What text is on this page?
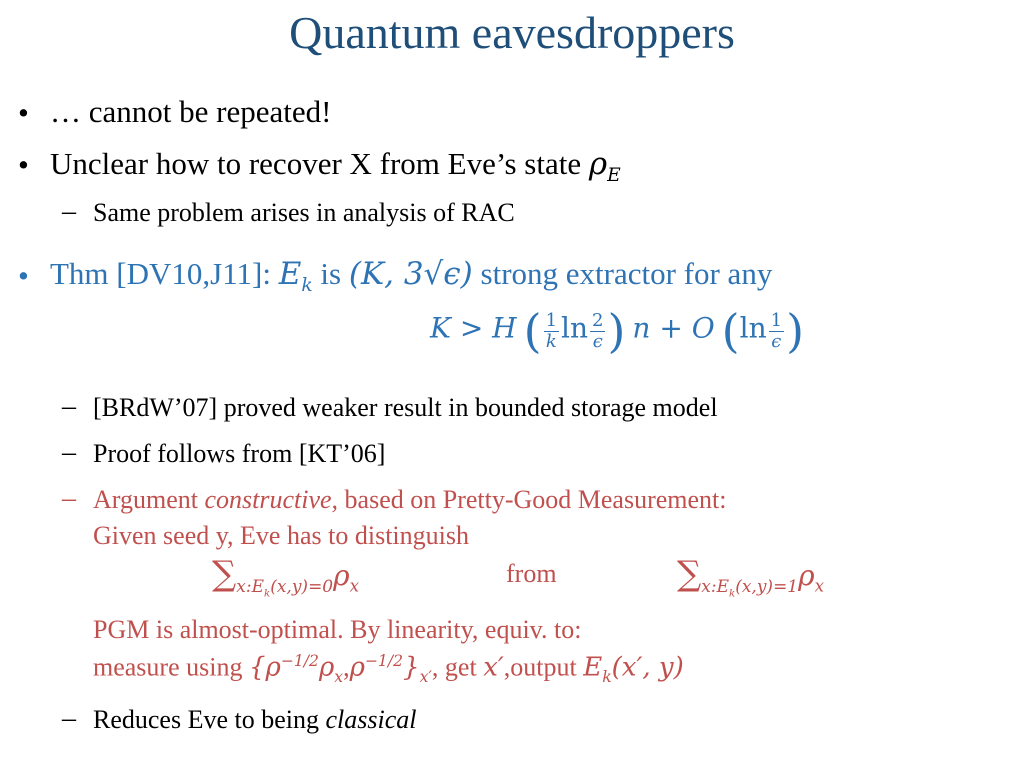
Quantum eavesdroppers
• … cannot be repeated!
• Unclear how to recover X from Eve’s state $\rho_E$
– Same problem arises in analysis of RAC
• Thm [DV10,J11]: $E_k$ is (K, 3√ϵ) strong extractor for any
K > H ( $\frac{1}{k}$ $\ln \frac{2}{\epsilon}$ ) n + O ($\ln \frac{1}{\epsilon}$ )
– [BRdW’07] proved weaker result in bounded storage model
– Proof follows from [KT’06]
– Argument constructive, based on Pretty-Good Measurement:
Given seed y, Eve has to distinguish
$\sum_{x:E_k(x,y)=0}\rho_x$	from	$\sum_{x:E_k(x,y)=1}\rho_x$
PGM is almost-optimal. By linearity, equiv. to:
measure using $\{\rho^{-1/2}\rho_x,\rho^{-1/2}\}_{x'}$, get x′,output $E_k(x'$, y)
– Reduces Eve to being classical
